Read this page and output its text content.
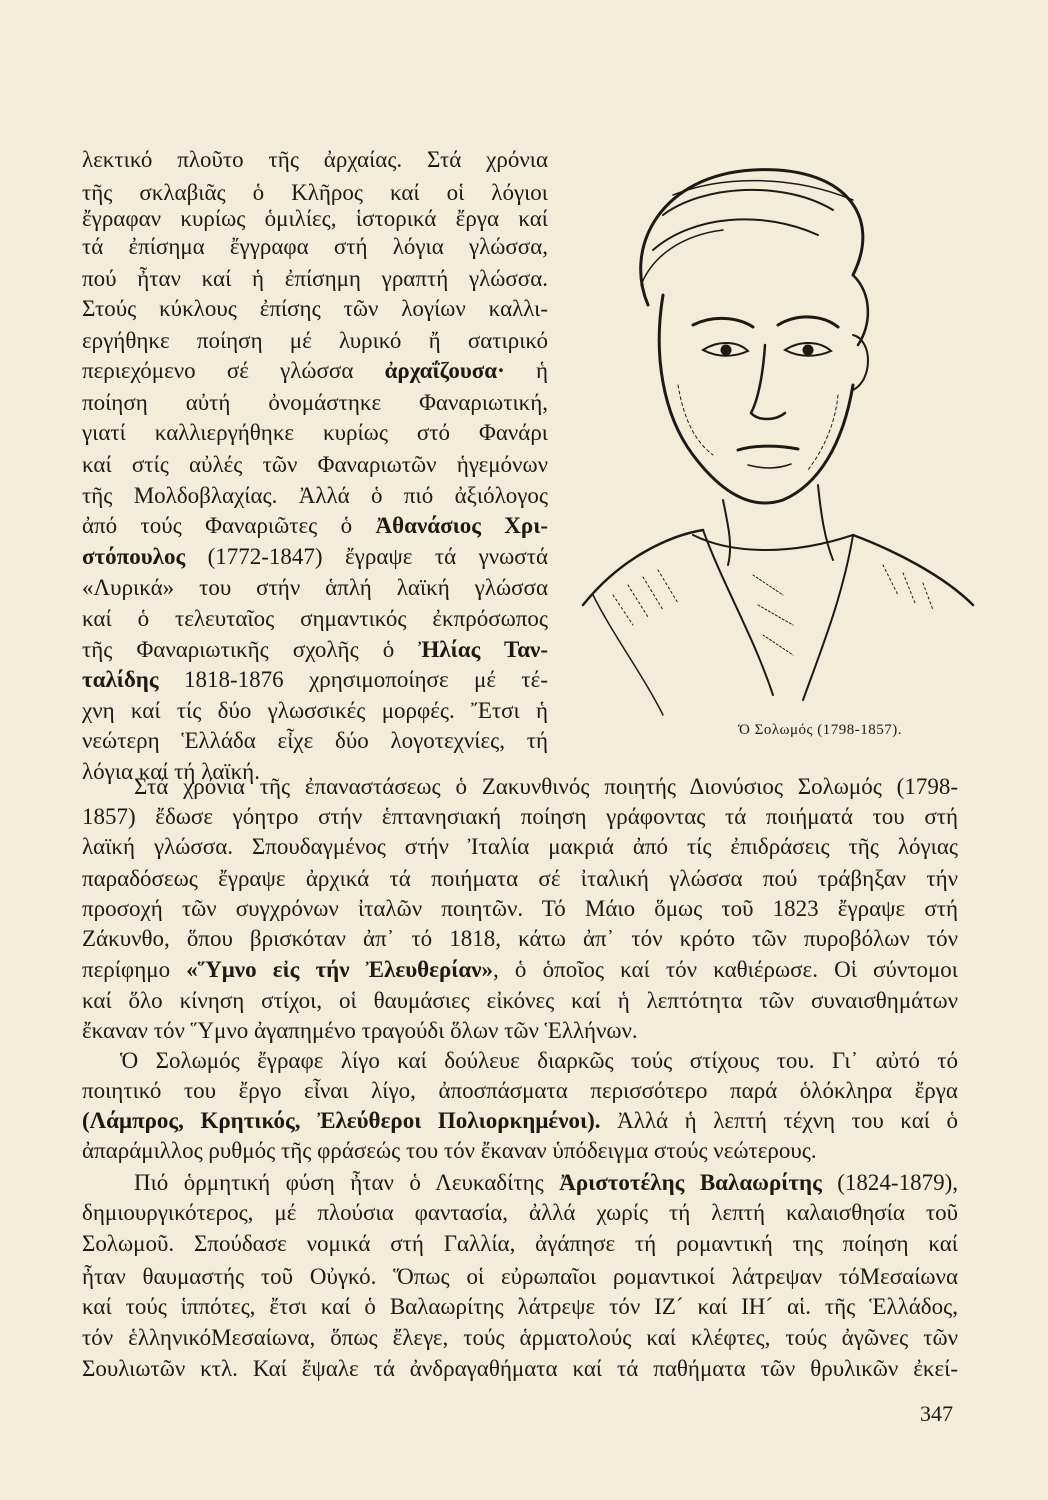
λεκτικό πλοῦτο τῆς ἀρχαίας. Στά χρόνια
τῆς σκλαβιᾶς ὁ Κλῆρος καί οἱ λόγιοι
ἔγραφαν κυρίως ὁμιλίες, ἱστορικά ἔργα καί
τά ἐπίσημα ἔγγραφα στή λόγια γλώσσα,
πού ἦταν καί ἡ ἐπίσημη γραπτή γλώσσα.
Στούς κύκλους ἐπίσης τῶν λογίων καλλι-
εργήθηκε ποίηση μέ λυρικό ἤ σατιρικό
περιεχόμενο σέ γλώσσα ἀρχαΐζουσα· ἡ
ποίηση αὐτή ὀνομάστηκε Φαναριωτική,
γιατί καλλιεργήθηκε κυρίως στό Φανάρι
καί στίς αὐλές τῶν Φαναριωτῶν ἡγεμόνων
τῆς Μολδοβλαχίας. Ἀλλά ὁ πιό ἀξιόλογος
ἀπό τούς Φαναριῶτες ὁ Ἀθανάσιος Χρι-
στόπουλος (1772-1847) ἔγραψε τά γνωστά
«Λυρικά» του στήν ἁπλή λαϊκή γλώσσα
καί ὁ τελευταῖος σημαντικός ἐκπρόσωπος
τῆς Φαναριωτικῆς σχολῆς ὁ Ἠλίας Ταν-
ταλίδης 1818-1876 χρησιμοποίησε μέ τέ-
χνη καί τίς δύο γλωσσικές μορφές. Ἔτσι ἡ
νεώτερη Ἑλλάδα εἶχε δύο λογοτεχνίες, τή
λόγια καί τή λαϊκή.
Ὁ Σολωμός (1798-1857).
Στά χρόνια τῆς ἐπαναστάσεως ὁ Ζακυνθινός ποιητής Διονύσιος Σολωμός (1798-
1857) ἔδωσε γόητρο στήν ἑπτανησιακή ποίηση γράφοντας τά ποιήματά του στή
λαϊκή γλώσσα. Σπουδαγμένος στήν Ἰταλία μακριά ἀπό τίς ἐπιδράσεις τῆς λόγιας
παραδόσεως ἔγραψε ἀρχικά τά ποιήματα σέ ἰταλική γλώσσα πού τράβηξαν τήν
προσοχή τῶν συγχρόνων ἰταλῶν ποιητῶν. Τό Μάιο ὅμως τοῦ 1823 ἔγραψε στή
Ζάκυνθο, ὅπου βρισκόταν ἀπ᾽ τό 1818, κάτω ἀπ᾽ τόν κρότο τῶν πυροβόλων τόν
περίφημο «Ὕμνο εἰς τήν Ἐλευθερίαν», ὁ ὁποῖος καί τόν καθιέρωσε. Οἱ σύντομοι
καί ὅλο κίνηση στίχοι, οἱ θαυμάσιες εἰκόνες καί ἡ λεπτότητα τῶν συναισθημάτων
ἔκαναν τόν Ὕμνο ἀγαπημένο τραγούδι ὅλων τῶν Ἑλλήνων.
Ὁ Σολωμός ἔγραφε λίγο καί δούλευε διαρκῶς τούς στίχους του. Γι᾽ αὐτό τό
ποιητικό του ἔργο εἶναι λίγο, ἀποσπάσματα περισσότερο παρά ὁλόκληρα ἔργα
(Λάμπρος, Κρητικός, Ἐλεύθεροι Πολιορκημένοι). Ἀλλά ἡ λεπτή τέχνη του καί ὁ
ἀπαράμιλλος ρυθμός τῆς φράσεώς του τόν ἔκαναν ὑπόδειγμα στούς νεώτερους.
Πιό ὁρμητική φύση ἦταν ὁ Λευκαδίτης Ἀριστοτέλης Βαλαωρίτης (1824-1879),
δημιουργικότερος, μέ πλούσια φαντασία, ἀλλά χωρίς τή λεπτή καλαισθησία τοῦ
Σολωμοῦ. Σπούδασε νομικά στή Γαλλία, ἀγάπησε τή ρομαντική της ποίηση καί
ἦταν θαυμαστής τοῦ Οὐγκό. Ὅπως οἱ εὐρωπαῖοι ρομαντικοί λάτρεψαν τόΜεσαίωνα
καί τούς ἱππότες, ἔτσι καί ὁ Βαλαωρίτης λάτρεψε τόν ΙΖ´ καί ΙΗ´ αἱ. τῆς Ἑλλάδος,
τόν ἑλληνικόΜεσαίωνα, ὅπως ἔλεγε, τούς ἁρματολούς καί κλέφτες, τούς ἀγῶνες τῶν
Σουλιωτῶν κτλ. Καί ἔψαλε τά ἀνδραγαθήματα καί τά παθήματα τῶν θρυλικῶν ἐκεί-
347
